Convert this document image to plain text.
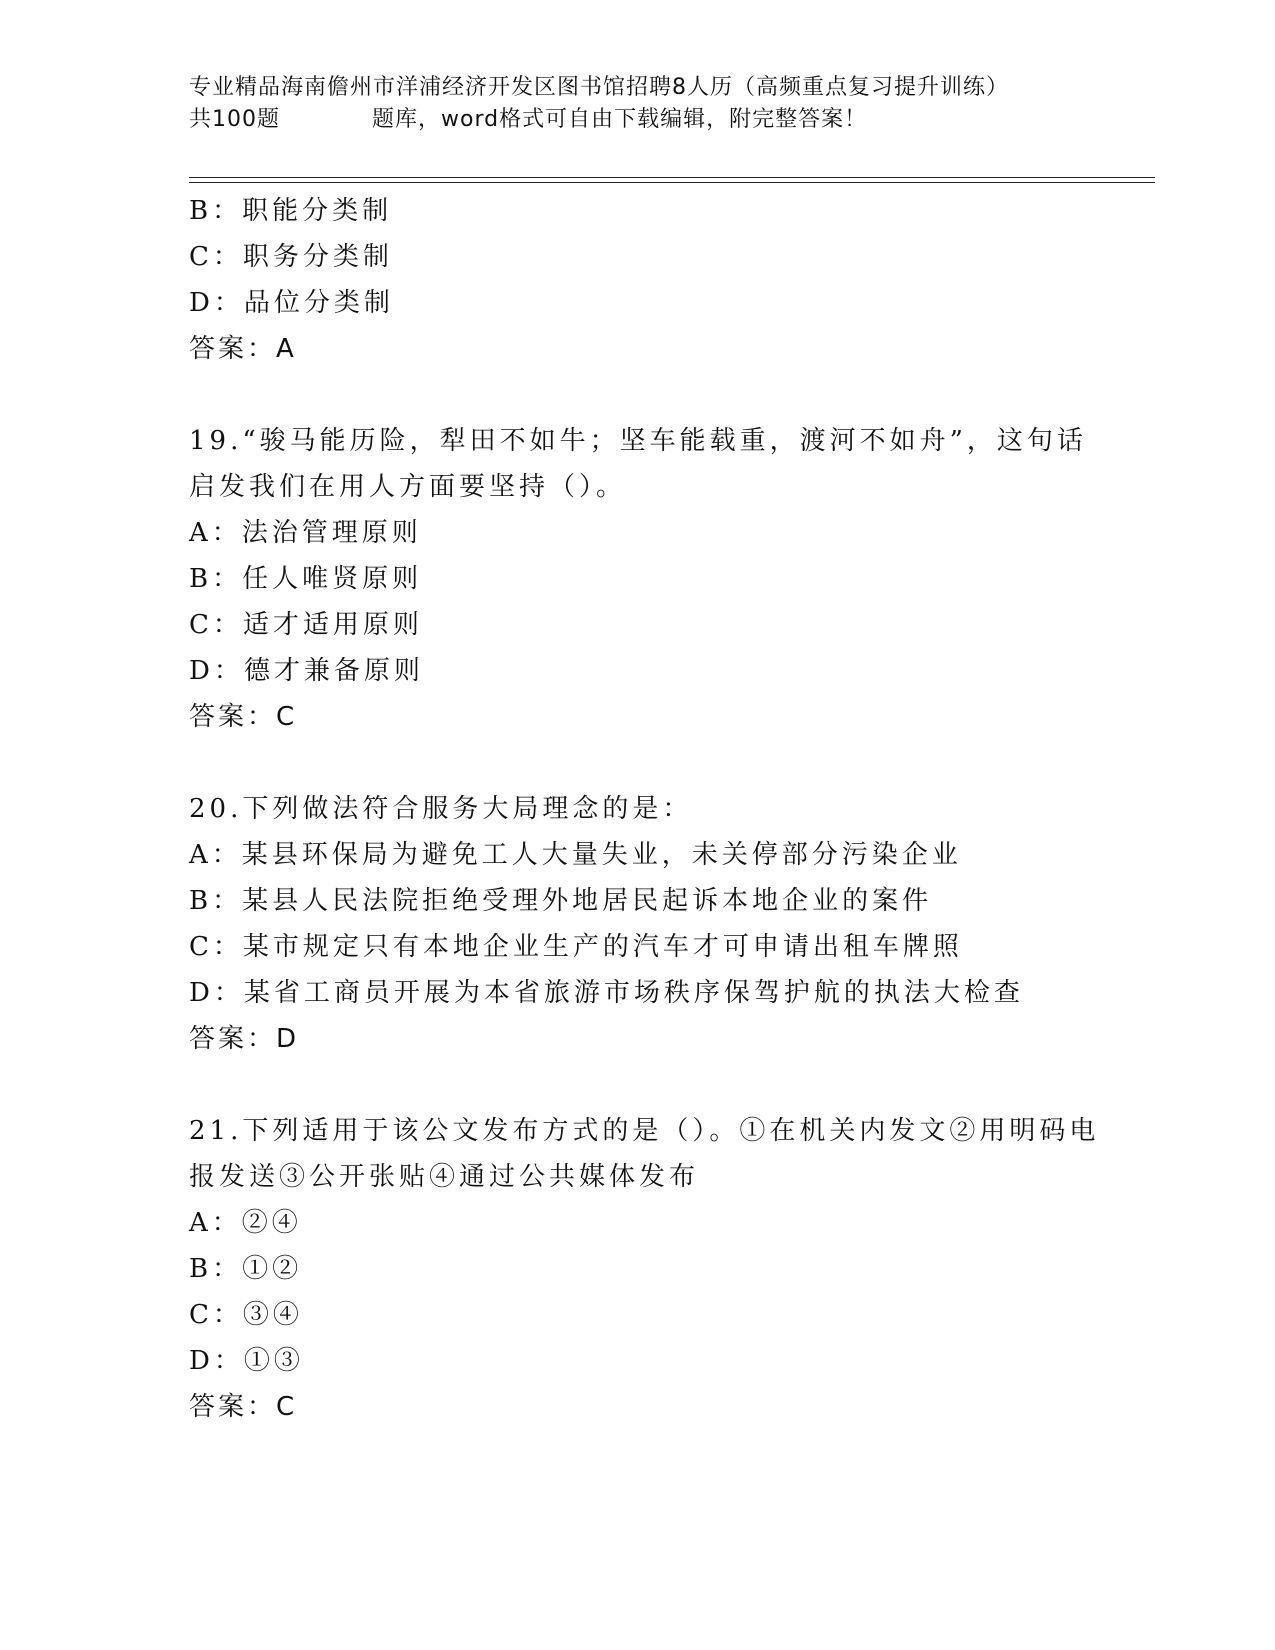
专业精品海南儋州市洋浦经济开发区图书馆招聘8人历（高频重点复习提升训练）
共100题	题库，word格式可自由下载编辑，附完整答案！
B：职能分类制
C：职务分类制
D：品位分类制
答案：A
19.“骏马能历险，犁田不如牛；坚车能载重，渡河不如舟”，这句话
启发我们在用人方面要坚持（）。
A：法治管理原则
B：任人唯贤原则
C：适才适用原则
D：德才兼备原则
答案：C
20.下列做法符合服务大局理念的是：
A：某县环保局为避免工人大量失业，未关停部分污染企业
B：某县人民法院拒绝受理外地居民起诉本地企业的案件
C：某市规定只有本地企业生产的汽车才可申请出租车牌照
D：某省工商员开展为本省旅游市场秩序保驾护航的执法大检查
答案：D
21.下列适用于该公文发布方式的是（）。①在机关内发文②用明码电
报发送③公开张贴④通过公共媒体发布
A：②④
B：①②
C：③④
D：①③
答案：C
